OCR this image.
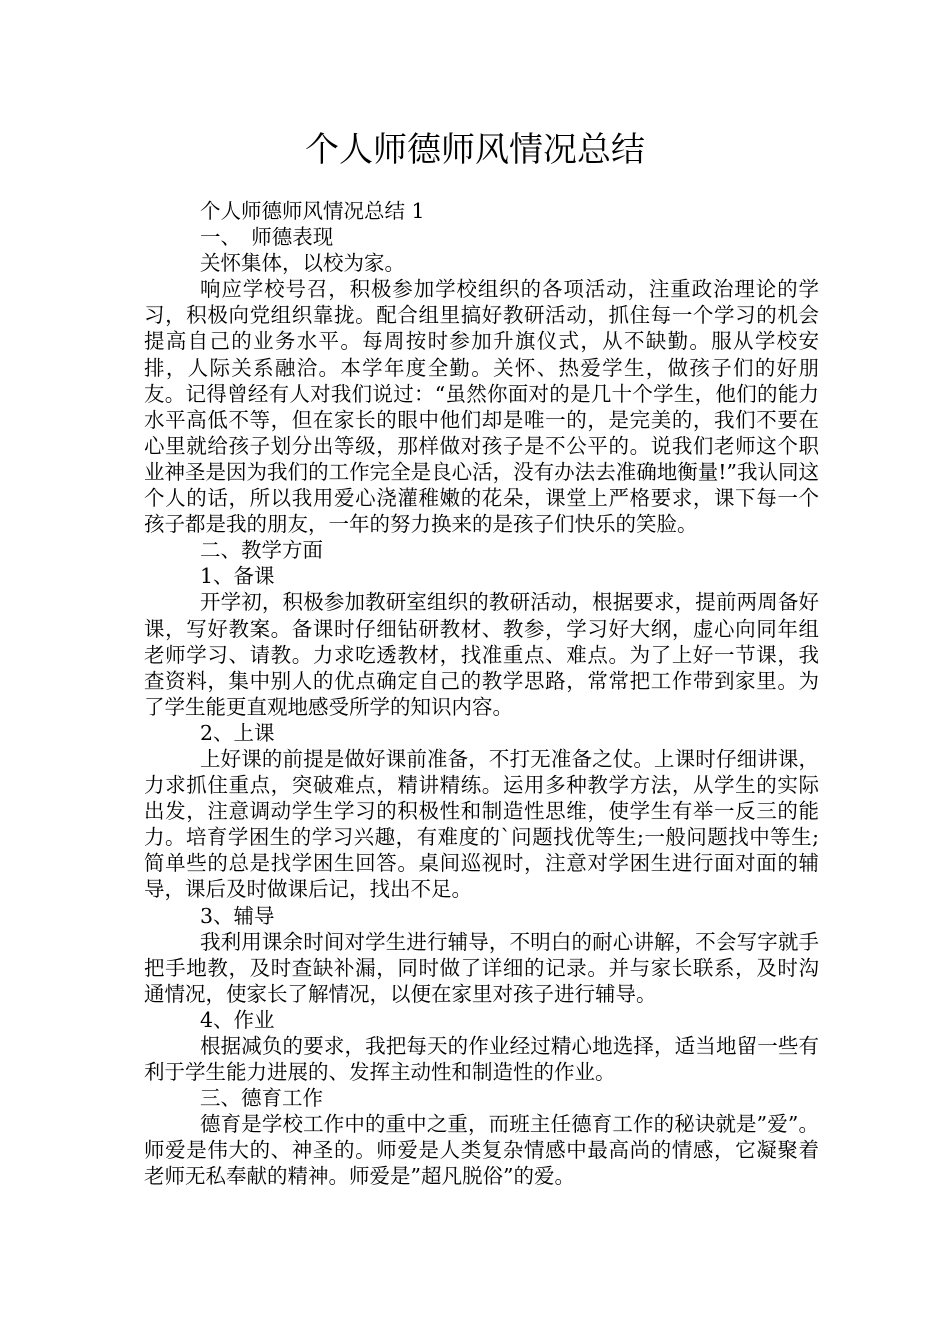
个人师德师风情况总结

个人师德师风情况总结 1

一、　师德表现

关怀集体，以校为家。

响应学校号召，积极参加学校组织的各项活动，注重政治理论的学习，积极向党组织靠拢。配合组里搞好教研活动，抓住每一个学习的机会提高自己的业务水平。每周按时参加升旗仪式，从不缺勤。服从学校安排，人际关系融洽。本学年度全勤。关怀、热爱学生，做孩子们的好朋友。记得曾经有人对我们说过：“虽然你面对的是几十个学生，他们的能力水平高低不等，但在家长的眼中他们却是唯一的，是完美的，我们不要在心里就给孩子划分出等级，那样做对孩子是不公平的。说我们老师这个职业神圣是因为我们的工作完全是良心活，没有办法去准确地衡量!”我认同这个人的话，所以我用爱心浇灌稚嫩的花朵，课堂上严格要求，课下每一个孩子都是我的朋友，一年的努力换来的是孩子们快乐的笑脸。

二、教学方面

1、备课

开学初，积极参加教研室组织的教研活动，根据要求，提前两周备好课，写好教案。备课时仔细钻研教材、教参，学习好大纲，虚心向同年组老师学习、请教。力求吃透教材，找准重点、难点。为了上好一节课，我查资料，集中别人的优点确定自己的教学思路，常常把工作带到家里。为了学生能更直观地感受所学的知识内容。

2、上课

上好课的前提是做好课前准备，不打无准备之仗。上课时仔细讲课，力求抓住重点，突破难点，精讲精练。运用多种教学方法，从学生的实际出发，注意调动学生学习的积极性和制造性思维，使学生有举一反三的能力。培育学困生的学习兴趣，有难度的`问题找优等生;一般问题找中等生;简单些的总是找学困生回答。桌间巡视时，注意对学困生进行面对面的辅导，课后及时做课后记，找出不足。

3、辅导

我利用课余时间对学生进行辅导，不明白的耐心讲解，不会写字就手把手地教，及时查缺补漏，同时做了详细的记录。并与家长联系，及时沟通情况，使家长了解情况，以便在家里对孩子进行辅导。

4、作业

根据减负的要求，我把每天的作业经过精心地选择，适当地留一些有利于学生能力进展的、发挥主动性和制造性的作业。

三、德育工作

德育是学校工作中的重中之重，而班主任德育工作的秘诀就是”爱”。师爱是伟大的、神圣的。师爱是人类复杂情感中最高尚的情感，它凝聚着老师无私奉献的精神。师爱是”超凡脱俗”的爱。
